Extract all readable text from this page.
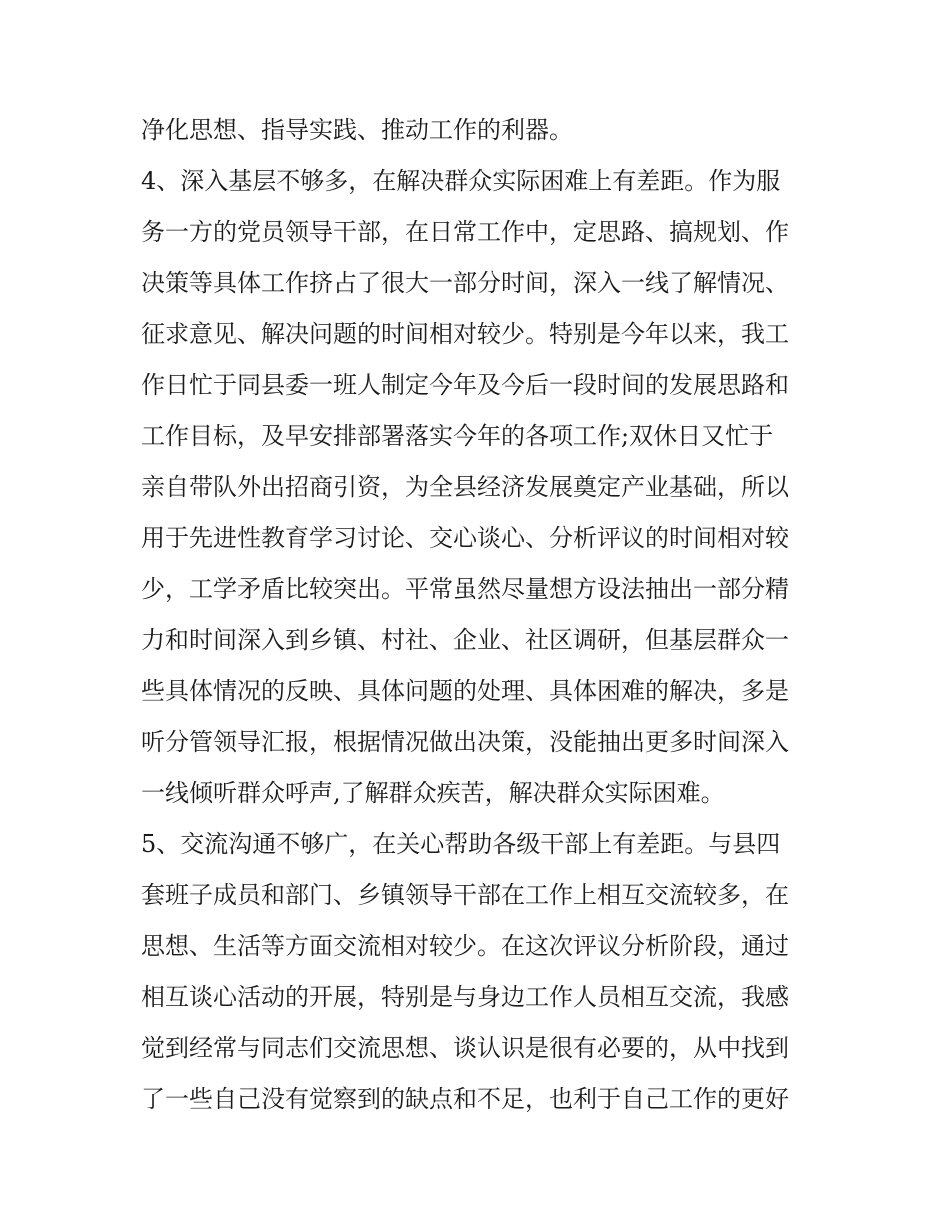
净化思想、指导实践、推动工作的利器。
4、深入基层不够多，在解决群众实际困难上有差距。作为服
务一方的党员领导干部，在日常工作中，定思路、搞规划、作
决策等具体工作挤占了很大一部分时间，深入一线了解情况、
征求意见、解决问题的时间相对较少。特别是今年以来，我工
作日忙于同县委一班人制定今年及今后一段时间的发展思路和
工作目标，及早安排部署落实今年的各项工作;双休日又忙于
亲自带队外出招商引资，为全县经济发展奠定产业基础，所以
用于先进性教育学习讨论、交心谈心、分析评议的时间相对较
少，工学矛盾比较突出。平常虽然尽量想方设法抽出一部分精
力和时间深入到乡镇、村社、企业、社区调研，但基层群众一
些具体情况的反映、具体问题的处理、具体困难的解决，多是
听分管领导汇报，根据情况做出决策，没能抽出更多时间深入
一线倾听群众呼声,了解群众疾苦，解决群众实际困难。
5、交流沟通不够广，在关心帮助各级干部上有差距。与县四
套班子成员和部门、乡镇领导干部在工作上相互交流较多，在
思想、生活等方面交流相对较少。在这次评议分析阶段，通过
相互谈心活动的开展，特别是与身边工作人员相互交流，我感
觉到经常与同志们交流思想、谈认识是很有必要的，从中找到
了一些自己没有觉察到的缺点和不足，也利于自己工作的更好
